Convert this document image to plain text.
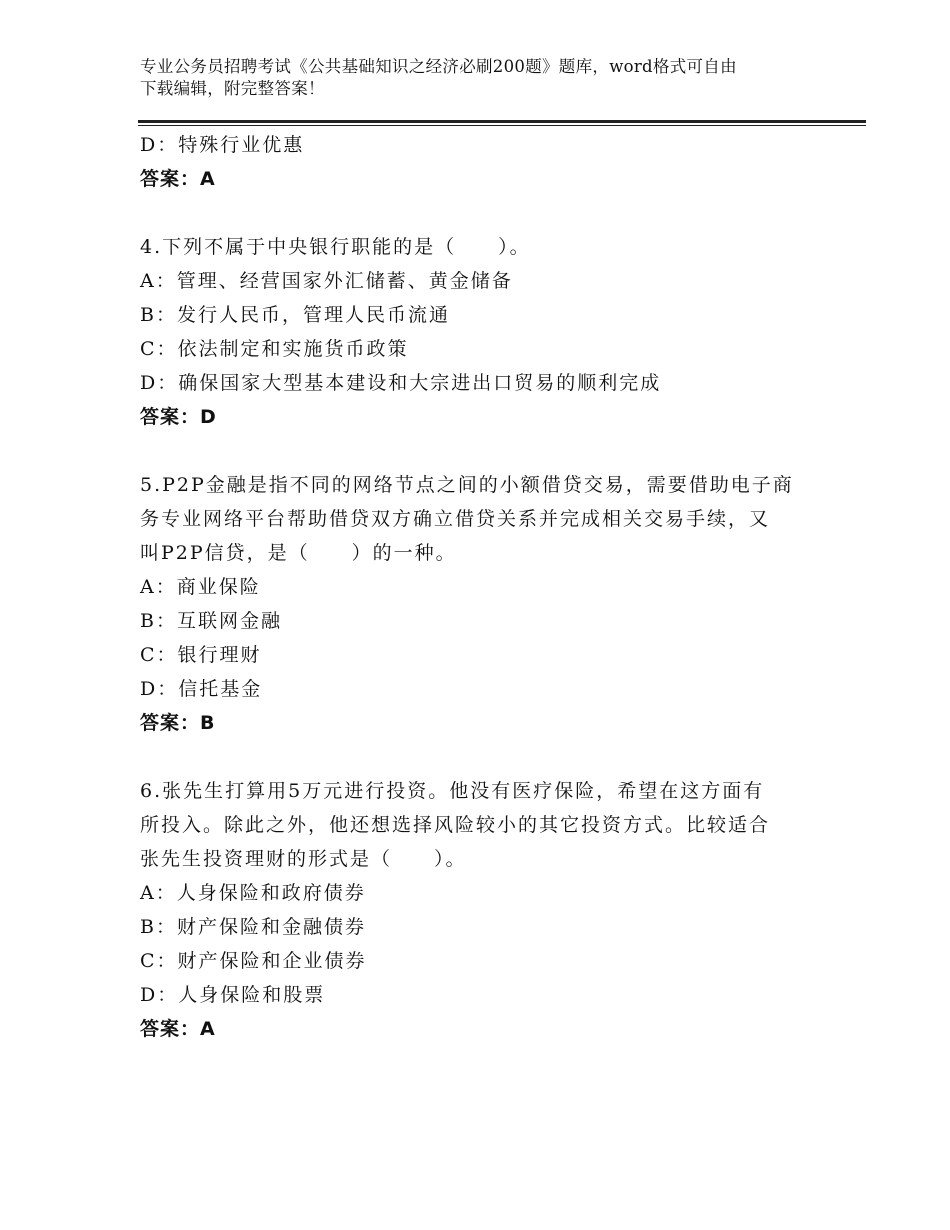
专业公务员招聘考试《公共基础知识之经济必刷200题》题库，word格式可自由
下载编辑，附完整答案！
D：特殊行业优惠
答案：A
4.下列不属于中央银行职能的是（　　）。
A：管理、经营国家外汇储蓄、黄金储备
B：发行人民币，管理人民币流通
C：依法制定和实施货币政策
D：确保国家大型基本建设和大宗进出口贸易的顺利完成
答案：D
5.P2P金融是指不同的网络节点之间的小额借贷交易，需要借助电子商
务专业网络平台帮助借贷双方确立借贷关系并完成相关交易手续，又
叫P2P信贷，是（　　）的一种。
A：商业保险
B：互联网金融
C：银行理财
D：信托基金
答案：B
6.张先生打算用5万元进行投资。他没有医疗保险，希望在这方面有
所投入。除此之外，他还想选择风险较小的其它投资方式。比较适合
张先生投资理财的形式是（　　）。
A：人身保险和政府债券
B：财产保险和金融债券
C：财产保险和企业债券
D：人身保险和股票
答案：A
